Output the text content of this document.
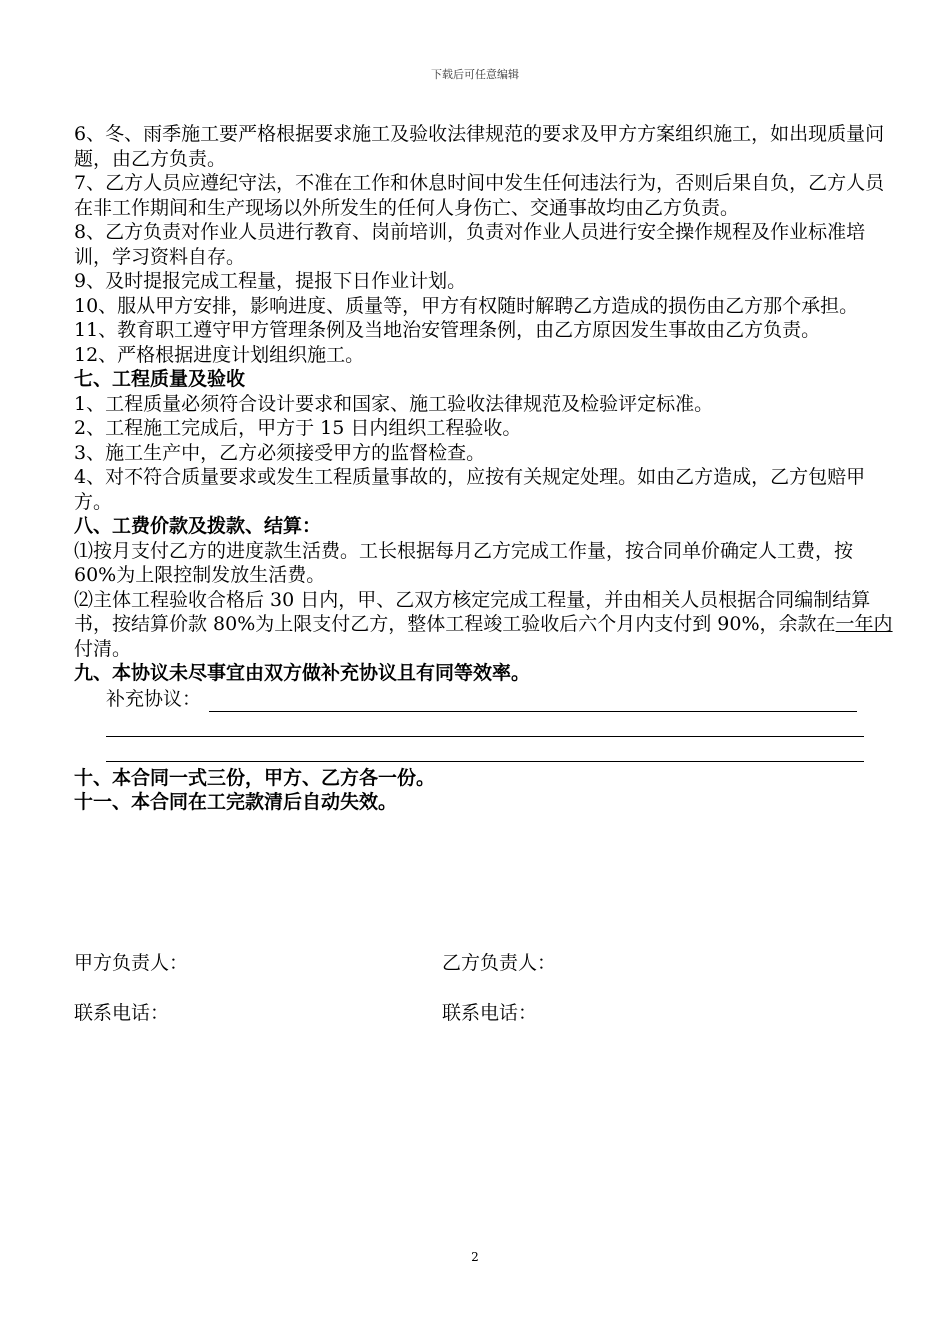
下载后可任意编辑

6、冬、雨季施工要严格根据要求施工及验收法律规范的要求及甲方方案组织施工，如出现质量问题，由乙方负责。

7、乙方人员应遵纪守法，不准在工作和休息时间中发生任何违法行为，否则后果自负，乙方人员在非工作期间和生产现场以外所发生的任何人身伤亡、交通事故均由乙方负责。

8、乙方负责对作业人员进行教育、岗前培训，负责对作业人员进行安全操作规程及作业标准培训，学习资料自存。

9、及时提报完成工程量，提报下日作业计划。

10、服从甲方安排，影响进度、质量等，甲方有权随时解聘乙方造成的损伤由乙方那个承担。

11、教育职工遵守甲方管理条例及当地治安管理条例，由乙方原因发生事故由乙方负责。

12、严格根据进度计划组织施工。

七、工程质量及验收

1、工程质量必须符合设计要求和国家、施工验收法律规范及检验评定标准。

2、工程施工完成后，甲方于 15 日内组织工程验收。

3、施工生产中，乙方必须接受甲方的监督检查。

4、对不符合质量要求或发生工程质量事故的，应按有关规定处理。如由乙方造成，乙方包赔甲方。

八、工费价款及拨款、结算：

⑴按月支付乙方的进度款生活费。工长根据每月乙方完成工作量，按合同单价确定人工费，按 60%为上限控制发放生活费。

⑵主体工程验收合格后 30 日内，甲、乙双方核定完成工程量，并由相关人员根据合同编制结算书，按结算价款 80%为上限支付乙方，整体工程竣工验收后六个月内支付到 90%，余款在一年内付清。

九、本协议未尽事宜由双方做补充协议且有同等效率。

补充协议：

十、本合同一式三份，甲方、乙方各一份。

十一、本合同在工完款清后自动失效。

甲方负责人：	乙方负责人：
联系电话：	联系电话：
2
